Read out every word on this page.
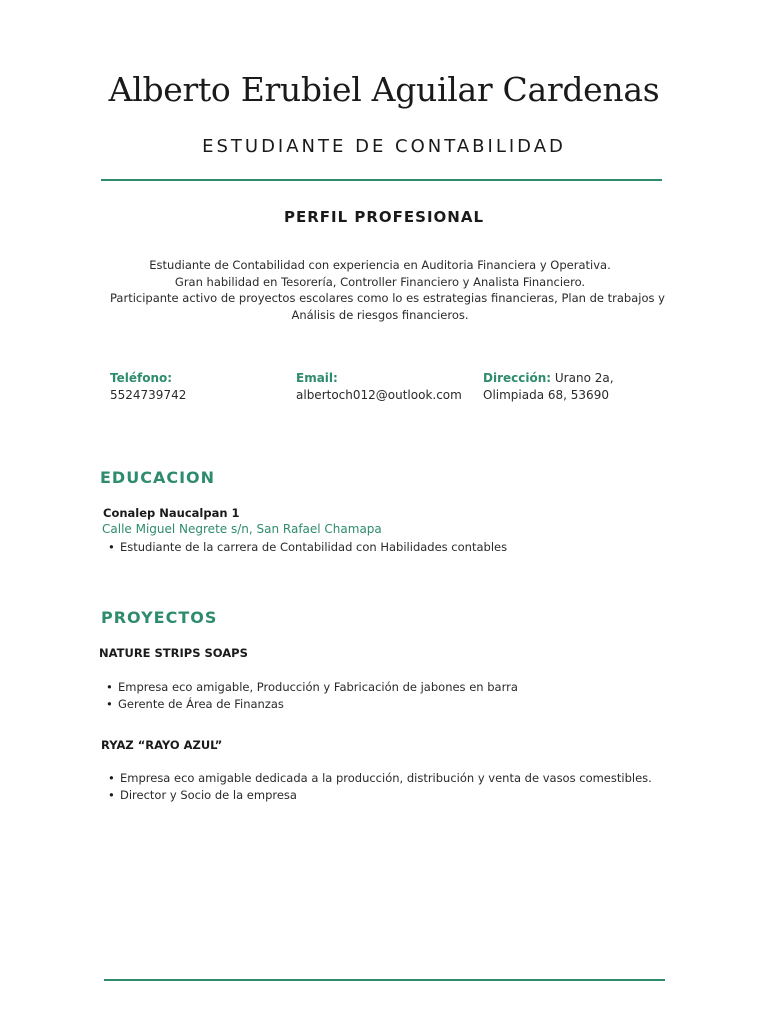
Alberto Erubiel Aguilar Cardenas
ESTUDIANTE DE CONTABILIDAD
PERFIL PROFESIONAL
Estudiante de Contabilidad con experiencia en Auditoria Financiera y Operativa.
Gran habilidad en Tesorería, Controller Financiero y Analista Financiero.
Participante activo de proyectos escolares como lo es estrategias financieras, Plan de trabajos y
Análisis de riesgos financieros.
Teléfono:
5524739742
Email:
albertoch012@outlook.com
Dirección: Urano 2a,
Olimpiada 68, 53690
EDUCACION
Conalep Naucalpan 1
Calle Miguel Negrete s/n, San Rafael Chamapa
• Estudiante de la carrera de Contabilidad con Habilidades contables
PROYECTOS
NATURE STRIPS SOAPS
• Empresa eco amigable, Producción y Fabricación de jabones en barra
• Gerente de Área de Finanzas
RYAZ “RAYO AZUL”
• Empresa eco amigable dedicada a la producción, distribución y venta de vasos comestibles.
• Director y Socio de la empresa
